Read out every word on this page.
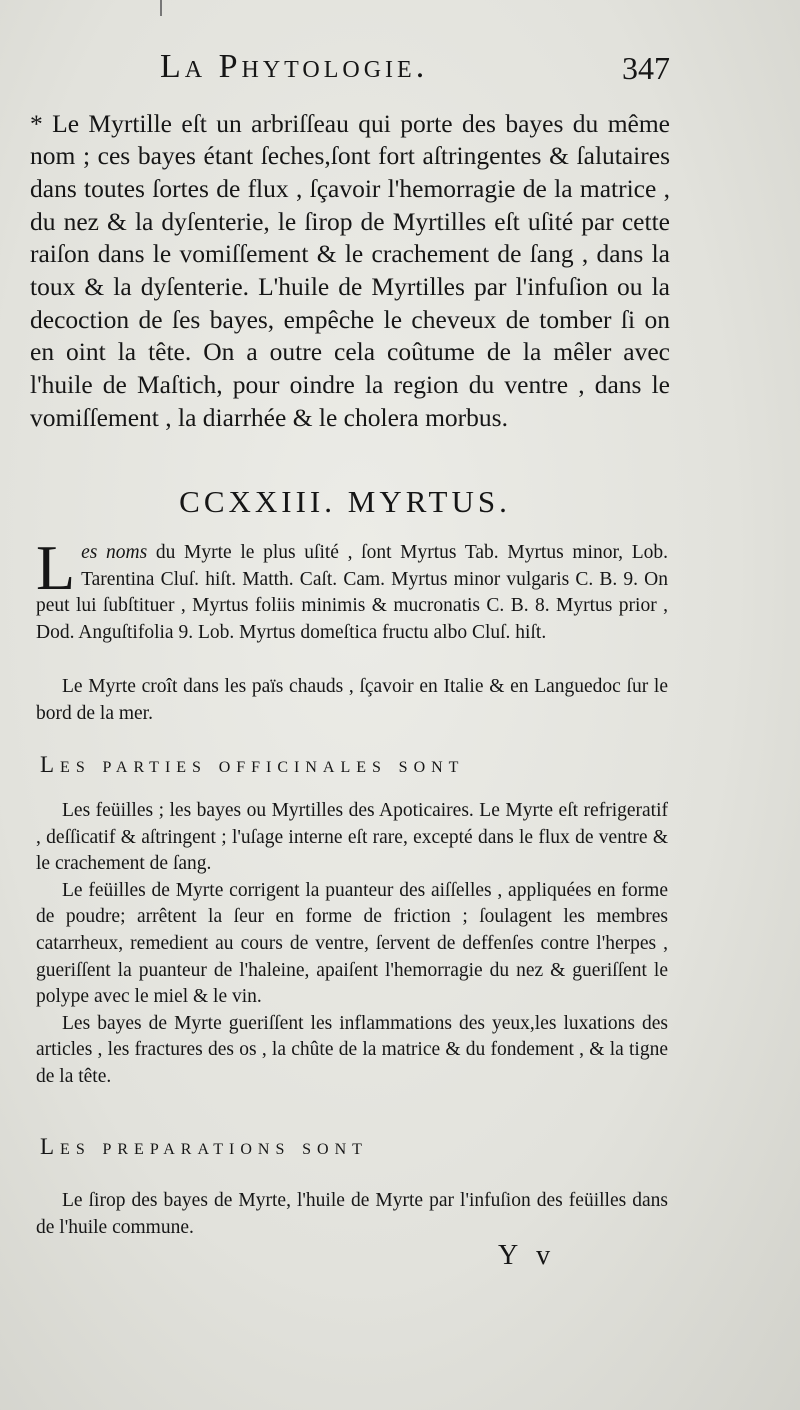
La Phytologie.	347

* Le Myrtille eſt un arbriſſeau qui porte des bayes du même nom ; ces bayes étant ſeches,ſont fort aſtringentes & ſalutaires dans toutes ſortes de flux , ſçavoir l'hemorragie de la matrice , du nez & la dyſenterie, le ſirop de Myrtilles eſt uſité par cette raiſon dans le vomiſſement & le crachement de ſang , dans la toux & la dyſenterie. L'huile de Myrtilles par l'infuſion ou la decoction de ſes bayes, empêche le cheveux de tomber ſi on en oint la tête. On a outre cela coûtume de la mêler avec l'huile de Maſtich, pour oindre la region du ventre , dans le vomiſſement , la diarrhée & le cholera morbus.

CCXXIII. MYRTUS.
Les noms du Myrte le plus uſité , ſont Myrtus Tab. Myrtus minor, Lob. Tarentina Cluſ. hiſt. Matth. Caſt. Cam. Myrtus minor vulgaris C. B. 9. On peut lui ſubſtituer , Myrtus foliis minimis & mucronatis C. B. 8. Myrtus prior , Dod. Anguſtifolia 9. Lob. Myrtus domeſtica fructu albo Cluſ. hiſt.

Le Myrte croît dans les païs chauds , ſçavoir en Italie & en Languedoc ſur le bord de la mer.

Les parties officinales sont

Les feüilles ; les bayes ou Myrtilles des Apoticaires. Le Myrte eſt refrigeratif , deſſicatif & aſtringent ; l'uſage interne eſt rare, excepté dans le flux de ventre & le crachement de ſang.

Le feüilles de Myrte corrigent la puanteur des aiſſelles , appliquées en forme de poudre; arrêtent la ſeur en forme de friction ; ſoulagent les membres catarrheux, remedient au cours de ventre, ſervent de deffenſes contre l'herpes , gueriſſent la puanteur de l'haleine, apaiſent l'hemorragie du nez & gueriſſent le polype avec le miel & le vin.

Les bayes de Myrte gueriſſent les inflammations des yeux,les luxations des articles , les fractures des os , la chûte de la matrice & du fondement , & la tigne de la tête.

Les preparations sont

Le ſirop des bayes de Myrte, l'huile de Myrte par l'infuſion des feüilles dans de l'huile commune.

Y v
